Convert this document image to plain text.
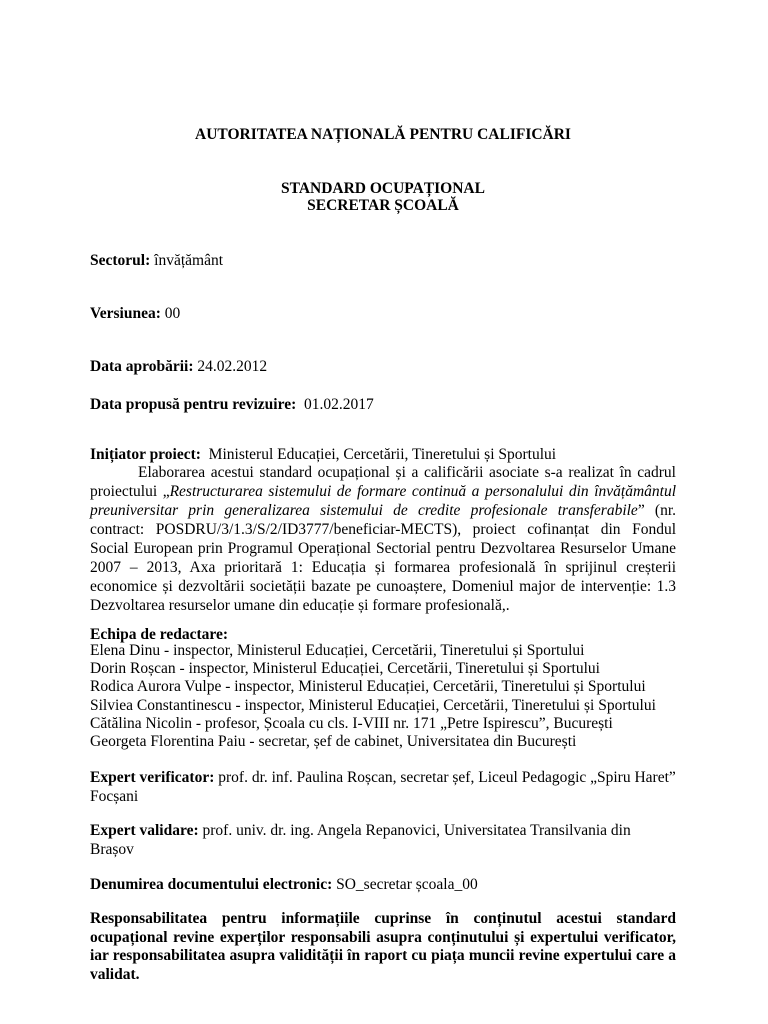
AUTORITATEA NAȚIONALĂ PENTRU CALIFICĂRI

STANDARD OCUPAȚIONAL

SECRETAR ȘCOALĂ

Sectorul: învățământ

Versiunea: 00

Data aprobării: 24.02.2012

Data propusă pentru revizuire: 01.02.2017

Inițiator proiect: Ministerul Educației, Cercetării, Tineretului și Sportului

Elaborarea acestui standard ocupațional și a calificării asociate s-a realizat în cadrul proiectului „Restructurarea sistemului de formare continuă a personalului din învățământul preuniversitar prin generalizarea sistemului de credite profesionale transferabile” (nr. contract: POSDRU/3/1.3/S/2/ID3777/beneficiar-MECTS), proiect cofinanțat din Fondul Social European prin Programul Operațional Sectorial pentru Dezvoltarea Resurselor Umane 2007 – 2013, Axa prioritară 1: Educația și formarea profesională în sprijinul creșterii economice și dezvoltării societății bazate pe cunoaștere, Domeniul major de intervenție: 1.3 Dezvoltarea resurselor umane din educație și formare profesională,.

Echipa de redactare:

Elena Dinu - inspector, Ministerul Educației, Cercetării, Tineretului și Sportului
Dorin Roșcan - inspector, Ministerul Educației, Cercetării, Tineretului și Sportului
Rodica Aurora Vulpe - inspector, Ministerul Educației, Cercetării, Tineretului și Sportului
Silviea Constantinescu - inspector, Ministerul Educației, Cercetării, Tineretului și Sportului
Cătălina Nicolin - profesor, Școala cu cls. I-VIII nr. 171 „Petre Ispirescu”, București
Georgeta Florentina Paiu - secretar, șef de cabinet, Universitatea din București

Expert verificator: prof. dr. inf. Paulina Roșcan, secretar șef, Liceul Pedagogic „Spiru Haret” Focșani

Expert validare: prof. univ. dr. ing. Angela Repanovici, Universitatea Transilvania din Brașov

Denumirea documentului electronic: SO_secretar școala_00

Responsabilitatea pentru informațiile cuprinse în conținutul acestui standard ocupațional revine experților responsabili asupra conținutului și expertului verificator, iar responsabilitatea asupra validității în raport cu piața muncii revine expertului care a validat.
